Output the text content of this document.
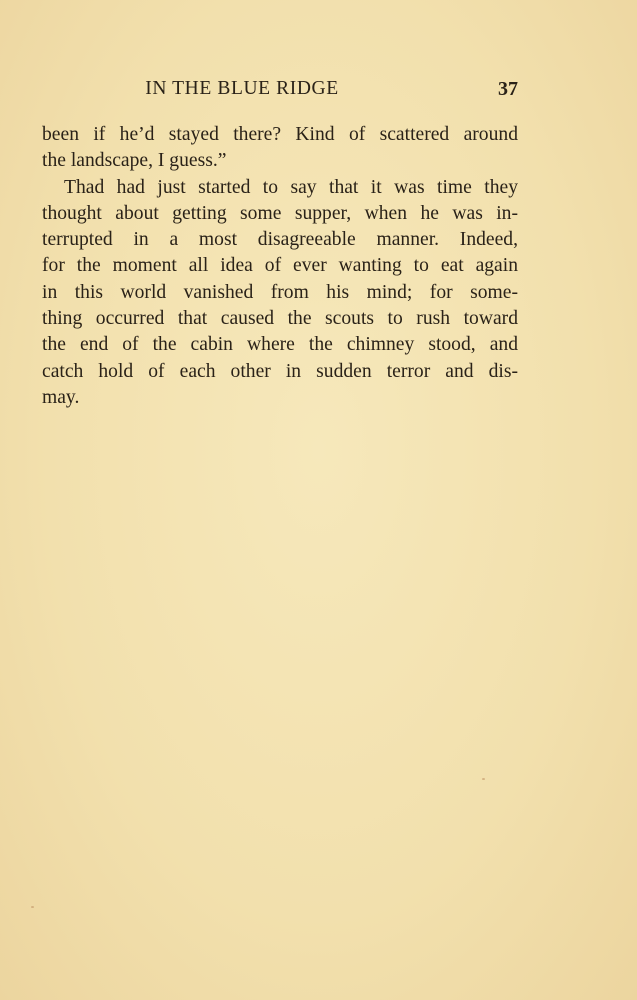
IN THE BLUE RIDGE	37
been if he’d stayed there? Kind of scattered around
the landscape, I guess.”
Thad had just started to say that it was time they
thought about getting some supper, when he was in-
terrupted in a most disagreeable manner. Indeed,
for the moment all idea of ever wanting to eat again
in this world vanished from his mind; for some-
thing occurred that caused the scouts to rush toward
the end of the cabin where the chimney stood, and
catch hold of each other in sudden terror and dis-
may.
